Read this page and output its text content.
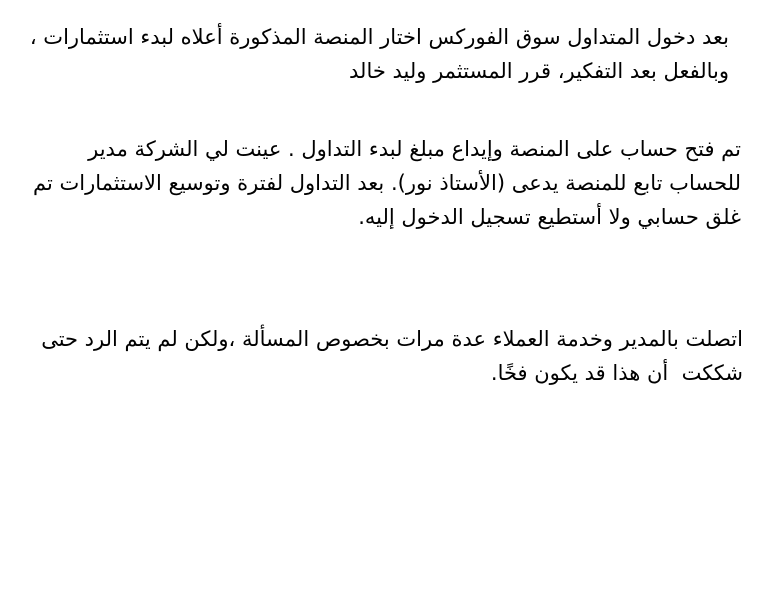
بعد دخول المتداول سوق الفوركس اختار المنصة المذكورة أعلاه لبدء استثمارات ، وبالفعل بعد التفكير، قرر المستثمر وليد خالد

تم فتح حساب على المنصة وإيداع مبلغ لبدء التداول . عينت لي الشركة مدير للحساب تابع للمنصة يدعى (الأستاذ نور). بعد التداول لفترة وتوسيع الاستثمارات تم غلق حسابي ولا أستطيع تسجيل الدخول إليه.

اتصلت بالمدير وخدمة العملاء عدة مرات بخصوص المسألة ،ولكن لم يتم الرد حتى شككت  أن هذا قد يكون فخًا.
